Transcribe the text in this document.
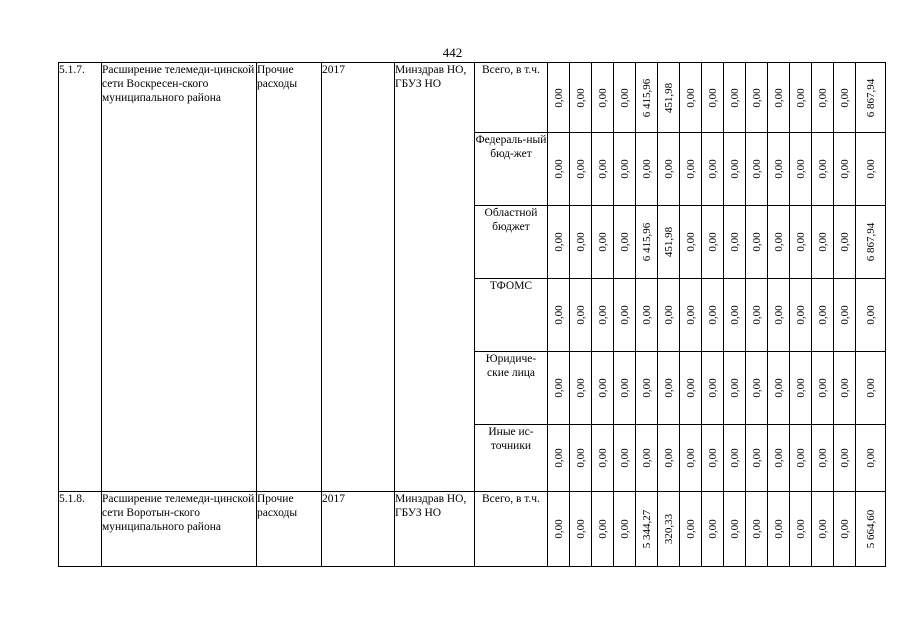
442
5.1.7.	Расширение телемеди-цинской сети Воскресен-ского муниципального района	Прочие расходы	2017	Минздрав НО, ГБУЗ НО	Всего, в т.ч.	0,00	0,00	0,00	0,00	6 415,96	451,98	0,00	0,00	0,00	0,00	0,00	0,00	0,00	0,00	6 867,94

					Федераль-ный бюд-жет	0,00	0,00	0,00	0,00	0,00	0,00	0,00	0,00	0,00	0,00	0,00	0,00	0,00	0,00	0,00

					Областной бюджет	0,00	0,00	0,00	0,00	6 415,96	451,98	0,00	0,00	0,00	0,00	0,00	0,00	0,00	0,00	6 867,94

					ТФОМС	0,00	0,00	0,00	0,00	0,00	0,00	0,00	0,00	0,00	0,00	0,00	0,00	0,00	0,00	0,00

					Юридиче-ские лица	0,00	0,00	0,00	0,00	0,00	0,00	0,00	0,00	0,00	0,00	0,00	0,00	0,00	0,00	0,00

					Иные ис-точники	0,00	0,00	0,00	0,00	0,00	0,00	0,00	0,00	0,00	0,00	0,00	0,00	0,00	0,00	0,00

5.1.8.	Расширение телемеди-цинской сети Воротын-ского муниципального района	Прочие расходы	2017	Минздрав НО, ГБУЗ НО	Всего, в т.ч.	0,00	0,00	0,00	0,00	5 344,27	320,33	0,00	0,00	0,00	0,00	0,00	0,00	0,00	0,00	5 664,60
